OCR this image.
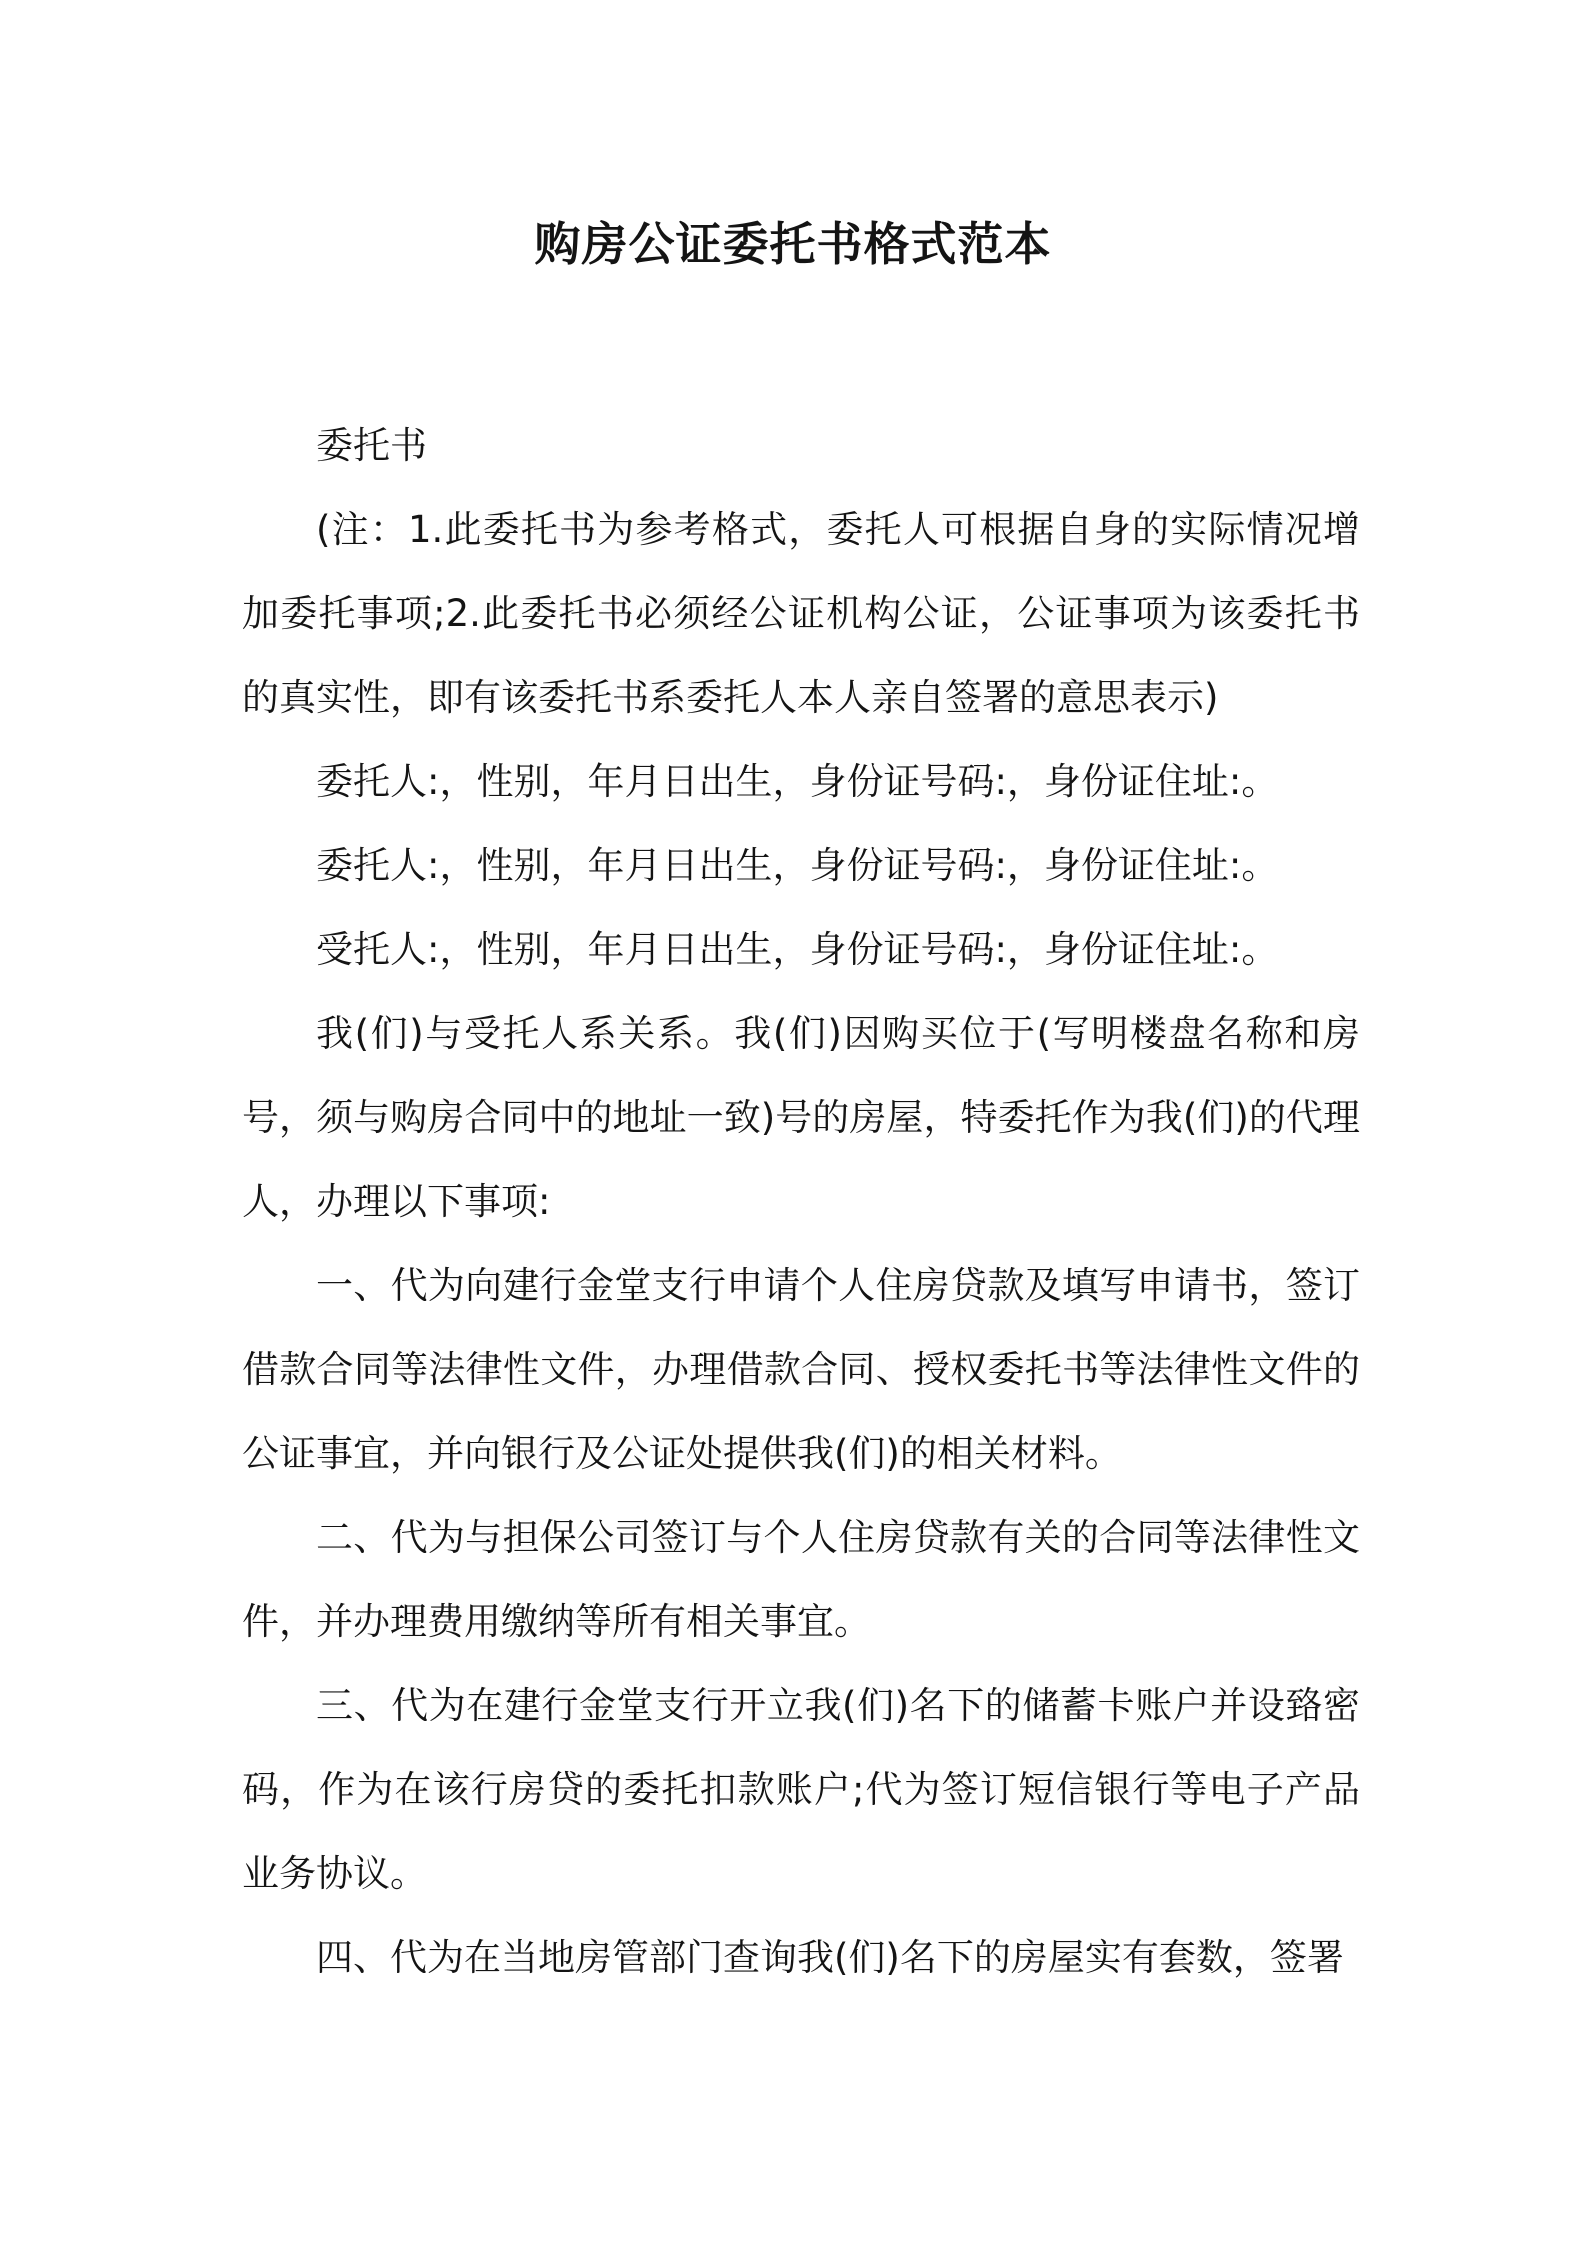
购房公证委托书格式范本

委托书

(注：1.此委托书为参考格式，委托人可根据自身的实际情况增加委托事项;2.此委托书必须经公证机构公证，公证事项为该委托书的真实性，即有该委托书系委托人本人亲自签署的意思表示)

委托人:，性别，年月日出生，身份证号码:，身份证住址:。

委托人:，性别，年月日出生，身份证号码:，身份证住址:。

受托人:，性别，年月日出生，身份证号码:，身份证住址:。

我(们)与受托人系关系。我(们)因购买位于(写明楼盘名称和房号，须与购房合同中的地址一致)号的房屋，特委托作为我(们)的代理人，办理以下事项:

一、代为向建行金堂支行申请个人住房贷款及填写申请书，签订借款合同等法律性文件，办理借款合同、授权委托书等法律性文件的公证事宜，并向银行及公证处提供我(们)的相关材料。

二、代为与担保公司签订与个人住房贷款有关的合同等法律性文件，并办理费用缴纳等所有相关事宜。

三、代为在建行金堂支行开立我(们)名下的储蓄卡账户并设臵密码，作为在该行房贷的委托扣款账户;代为签订短信银行等电子产品业务协议。

四、代为在当地房管部门查询我(们)名下的房屋实有套数，签署
